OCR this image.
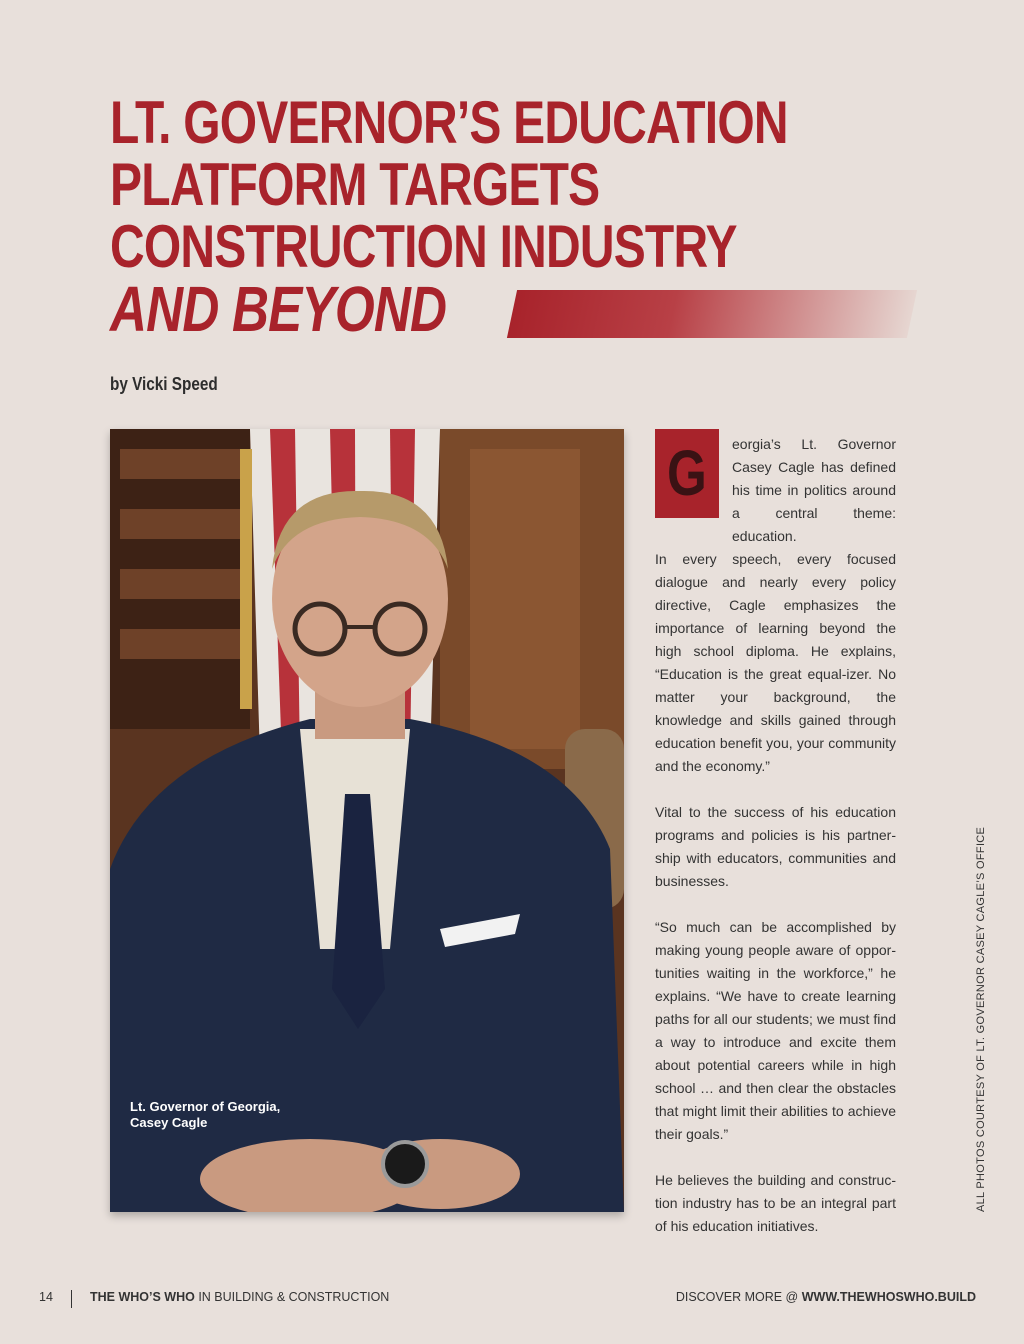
LT. GOVERNOR’S EDUCATION
PLATFORM TARGETS
CONSTRUCTION INDUSTRY
AND BEYOND
by Vicki Speed
Lt. Governor of Georgia,
Casey Cagle
G	eorgia’s Lt. Governor Casey Cagle has defined his time in politics around a central theme: education.

In every speech, every focused dialogue and nearly every policy directive, Cagle emphasizes the importance of learning beyond the high school diploma. He explains, “Education is the great equal-izer. No matter your background, the knowledge and skills gained through education benefit you, your community and the economy.”

Vital to the success of his education programs and policies is his partner-ship with educators, communities and businesses.

“So much can be accomplished by making young people aware of oppor-tunities waiting in the workforce,” he explains. “We have to create learning paths for all our students; we must find a way to introduce and excite them about potential careers while in high school … and then clear the obstacles that might limit their abilities to achieve their goals.”

He believes the building and construc-tion industry has to be an integral part of his education initiatives.

ALL PHOTOS COURTESY OF LT. GOVERNOR CASEY CAGLE’S OFFICE
14	THE WHO’S WHO IN BUILDING & CONSTRUCTION	DISCOVER MORE @ WWW.THEWHOSWHO.BUILD
